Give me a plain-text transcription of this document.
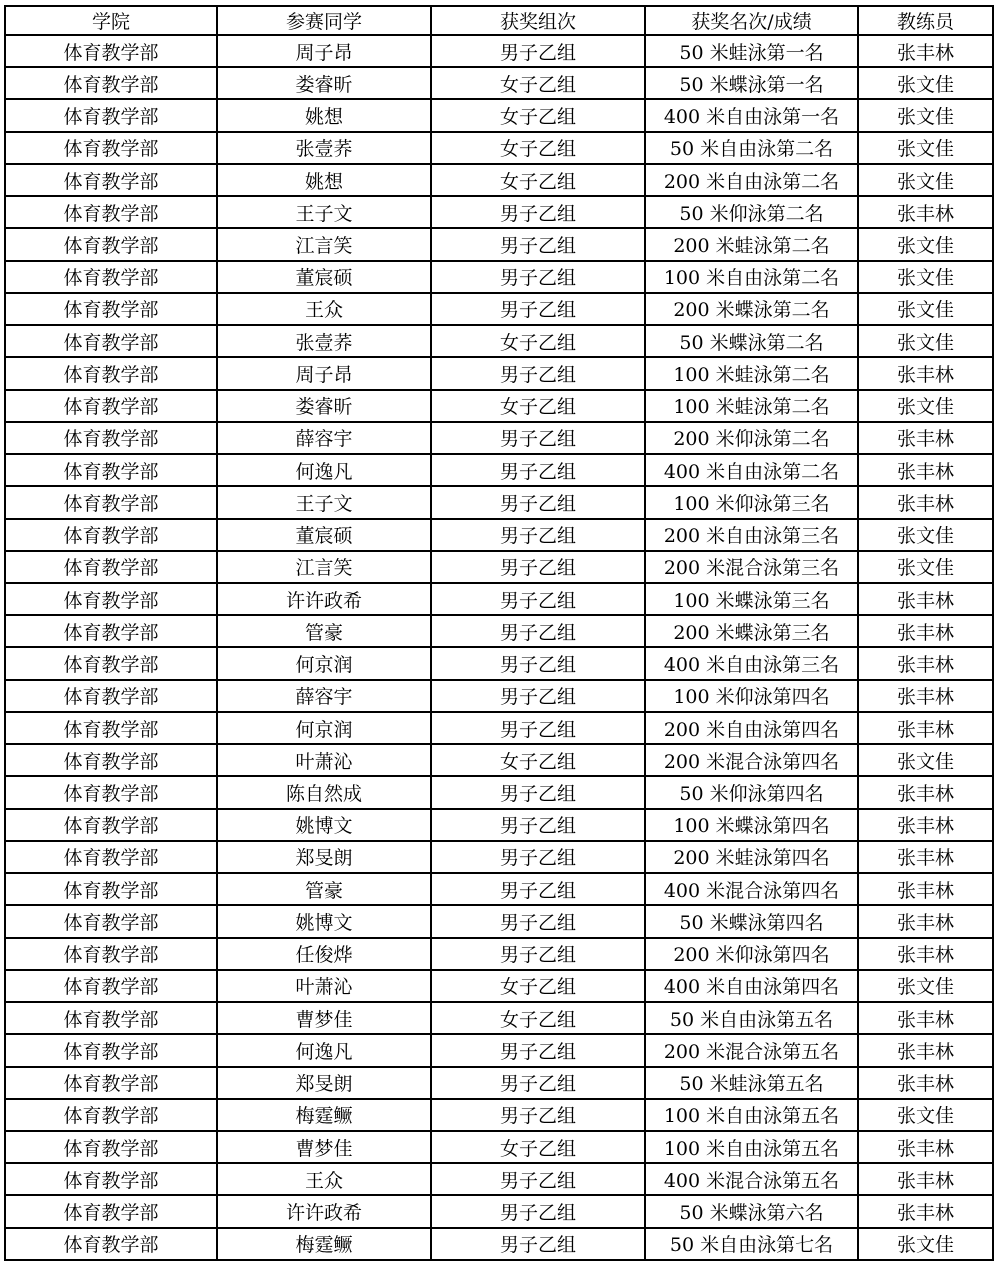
学院	参赛同学	获奖组次	获奖名次/成绩	教练员
体育教学部	周子昂	男子乙组	50 米蛙泳第一名	张丰林
体育教学部	娄睿昕	女子乙组	50 米蝶泳第一名	张文佳
体育教学部	姚想	女子乙组	400 米自由泳第一名	张文佳
体育教学部	张壹荞	女子乙组	50 米自由泳第二名	张文佳
体育教学部	姚想	女子乙组	200 米自由泳第二名	张文佳
体育教学部	王子文	男子乙组	50 米仰泳第二名	张丰林
体育教学部	江言笑	男子乙组	200 米蛙泳第二名	张文佳
体育教学部	董宸硕	男子乙组	100 米自由泳第二名	张文佳
体育教学部	王众	男子乙组	200 米蝶泳第二名	张文佳
体育教学部	张壹荞	女子乙组	50 米蝶泳第二名	张文佳
体育教学部	周子昂	男子乙组	100 米蛙泳第二名	张丰林
体育教学部	娄睿昕	女子乙组	100 米蛙泳第二名	张文佳
体育教学部	薛容宇	男子乙组	200 米仰泳第二名	张丰林
体育教学部	何逸凡	男子乙组	400 米自由泳第二名	张丰林
体育教学部	王子文	男子乙组	100 米仰泳第三名	张丰林
体育教学部	董宸硕	男子乙组	200 米自由泳第三名	张文佳
体育教学部	江言笑	男子乙组	200 米混合泳第三名	张文佳
体育教学部	许许政希	男子乙组	100 米蝶泳第三名	张丰林
体育教学部	管豪	男子乙组	200 米蝶泳第三名	张丰林
体育教学部	何京润	男子乙组	400 米自由泳第三名	张丰林
体育教学部	薛容宇	男子乙组	100 米仰泳第四名	张丰林
体育教学部	何京润	男子乙组	200 米自由泳第四名	张丰林
体育教学部	叶萧沁	女子乙组	200 米混合泳第四名	张文佳
体育教学部	陈自然成	男子乙组	50 米仰泳第四名	张丰林
体育教学部	姚博文	男子乙组	100 米蝶泳第四名	张丰林
体育教学部	郑旻朗	男子乙组	200 米蛙泳第四名	张丰林
体育教学部	管豪	男子乙组	400 米混合泳第四名	张丰林
体育教学部	姚博文	男子乙组	50 米蝶泳第四名	张丰林
体育教学部	任俊烨	男子乙组	200 米仰泳第四名	张丰林
体育教学部	叶萧沁	女子乙组	400 米自由泳第四名	张文佳
体育教学部	曹梦佳	女子乙组	50 米自由泳第五名	张丰林
体育教学部	何逸凡	男子乙组	200 米混合泳第五名	张丰林
体育教学部	郑旻朗	男子乙组	50 米蛙泳第五名	张丰林
体育教学部	梅霆鳜	男子乙组	100 米自由泳第五名	张文佳
体育教学部	曹梦佳	女子乙组	100 米自由泳第五名	张丰林
体育教学部	王众	男子乙组	400 米混合泳第五名	张丰林
体育教学部	许许政希	男子乙组	50 米蝶泳第六名	张丰林
体育教学部	梅霆鳜	男子乙组	50 米自由泳第七名	张文佳
